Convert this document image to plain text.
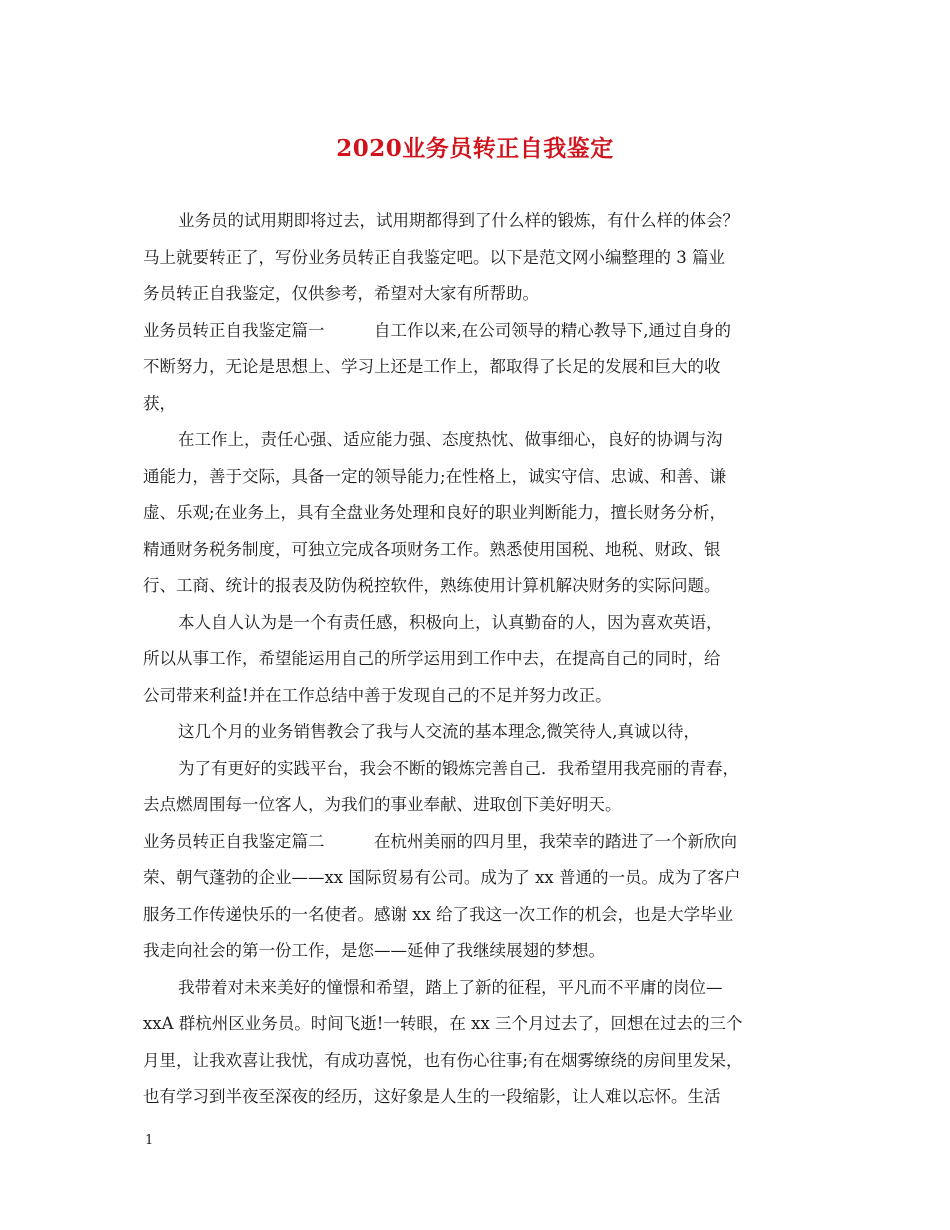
2020业务员转正自我鉴定
业务员的试用期即将过去，试用期都得到了什么样的锻炼，有什么样的体会？
马上就要转正了，写份业务员转正自我鉴定吧。以下是范文网小编整理的 3 篇业
务员转正自我鉴定，仅供参考，希望对大家有所帮助。
业务员转正自我鉴定篇一　　　自工作以来,在公司领导的精心教导下,通过自身的
不断努力，无论是思想上、学习上还是工作上，都取得了长足的发展和巨大的收
获，
在工作上，责任心强、适应能力强、态度热忱、做事细心，良好的协调与沟
通能力，善于交际，具备一定的领导能力;在性格上，诚实守信、忠诚、和善、谦
虚、乐观;在业务上，具有全盘业务处理和良好的职业判断能力，擅长财务分析，
精通财务税务制度，可独立完成各项财务工作。熟悉使用国税、地税、财政、银
行、工商、统计的报表及防伪税控软件，熟练使用计算机解决财务的实际问题。
本人自人认为是一个有责任感，积极向上，认真勤奋的人，因为喜欢英语，
所以从事工作，希望能运用自己的所学运用到工作中去，在提高自己的同时，给
公司带来利益!并在工作总结中善于发现自己的不足并努力改正。
这几个月的业务销售教会了我与人交流的基本理念,微笑待人,真诚以待，
为了有更好的实践平台，我会不断的锻炼完善自己．我希望用我亮丽的青春，
去点燃周围每一位客人，为我们的事业奉献、进取创下美好明天。
业务员转正自我鉴定篇二　　　在杭州美丽的四月里，我荣幸的踏进了一个新欣向
荣、朝气蓬勃的企业——xx 国际贸易有公司。成为了 xx 普通的一员。成为了客户
服务工作传递快乐的一名使者。感谢 xx 给了我这一次工作的机会，也是大学毕业
我走向社会的第一份工作，是您——延伸了我继续展翅的梦想。
我带着对未来美好的憧憬和希望，踏上了新的征程，平凡而不平庸的岗位—
xxA 群杭州区业务员。时间飞逝!一转眼，在 xx 三个月过去了，回想在过去的三个
月里，让我欢喜让我忧，有成功喜悦，也有伤心往事;有在烟雾缭绕的房间里发呆，
也有学习到半夜至深夜的经历，这好象是人生的一段缩影，让人难以忘怀。生活
1
